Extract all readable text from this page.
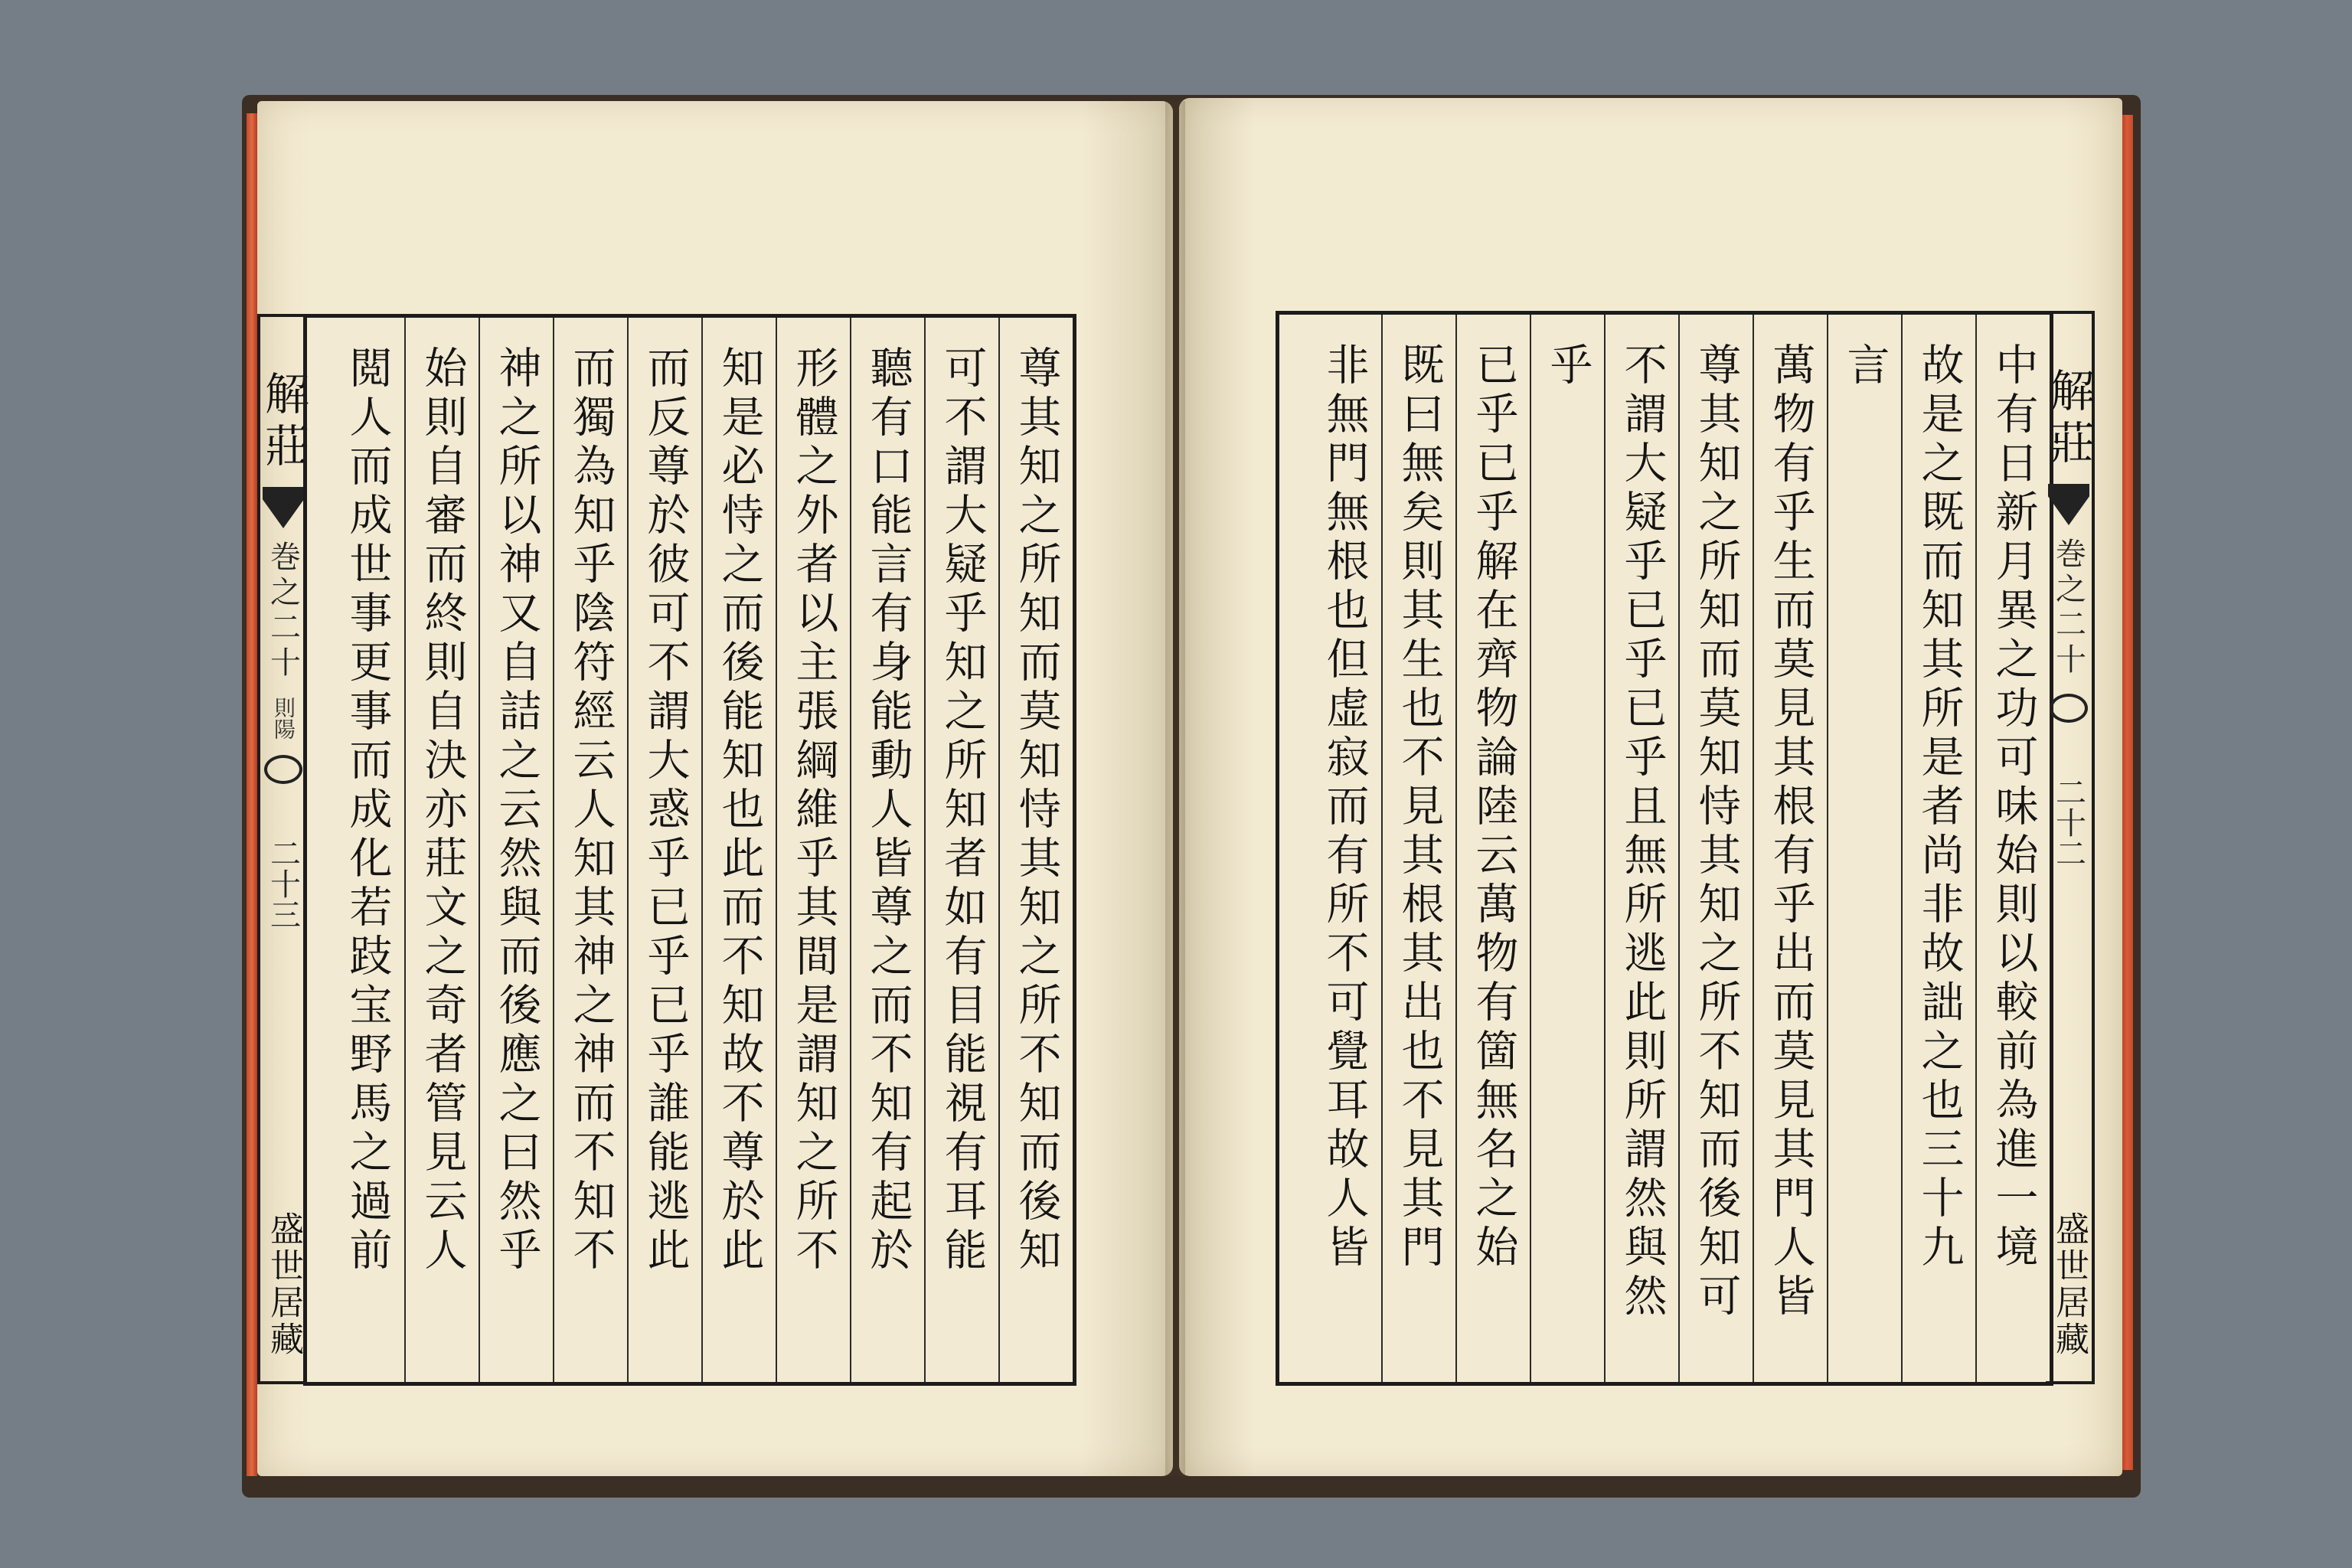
解莊
巻之二十
則陽
二十三
盛世居藏
尊其知之所知而莫知恃其知之所不知而後知
可不謂大疑乎知之所知者如有目能視有耳能
聽有口能言有身能動人皆尊之而不知有起於
形體之外者以主張綱維乎其間是謂知之所不
知是必恃之而後能知也此而不知故不尊於此
而反尊於彼可不謂大惑乎已乎已乎誰能逃此
而獨為知乎陰符經云人知其神之神而不知不
神之所以神又自詰之云然與而後應之曰然乎
始則自審而終則自決亦莊文之奇者管見云人
閲人而成世事更事而成化若跂宝野馬之過前	中有日新月異之功可味始則以較前為進一境
故是之既而知其所是者尚非故詘之也三十九
言
萬物有乎生而莫見其根有乎出而莫見其門人皆
尊其知之所知而莫知恃其知之所不知而後知可
不謂大疑乎已乎已乎且無所逃此則所謂然與然
乎
已乎已乎解在齊物論陸云萬物有箇無名之始
既曰無矣則其生也不見其根其出也不見其門
非無門無根也但虚寂而有所不可覺耳故人皆	解莊
巻之二十
二十二
盛世居藏
